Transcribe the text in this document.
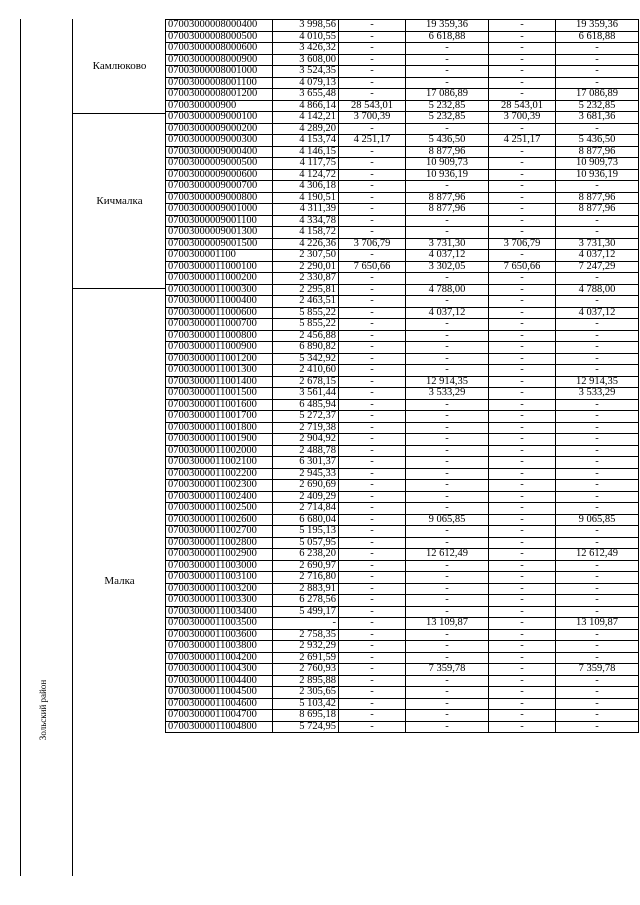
Зольский район
Камлюково
Кичмалка
Малка
07003000008000400	3 998,56	-	19 359,36	-	19 359,36
07003000008000500	4 010,55	-	6 618,88	-	6 618,88
07003000008000600	3 426,32	-	-	-	-
07003000008000900	3 608,00	-	-	-	-
07003000008001000	3 524,35	-	-	-	-
07003000008001100	4 079,13	-	-	-	-
07003000008001200	3 655,48	-	17 086,89	-	17 086,89
0700300000900	4 866,14	28 543,01	5 232,85	28 543,01	5 232,85
07003000009000100	4 142,21	3 700,39	5 232,85	3 700,39	3 681,36
07003000009000200	4 289,20	-	-	-	-
07003000009000300	4 153,74	4 251,17	5 436,50	4 251,17	5 436,50
07003000009000400	4 146,15	-	8 877,96	-	8 877,96
07003000009000500	4 117,75	-	10 909,73	-	10 909,73
07003000009000600	4 124,72	-	10 936,19	-	10 936,19
07003000009000700	4 306,18	-	-	-	-
07003000009000800	4 190,51	-	8 877,96	-	8 877,96
07003000009001000	4 311,39	-	8 877,96	-	8 877,96
07003000009001100	4 334,78	-	-	-	-
07003000009001300	4 158,72	-	-	-	-
07003000009001500	4 226,36	3 706,79	3 731,30	3 706,79	3 731,30
0700300001100	2 307,50	-	4 037,12	-	4 037,12
07003000011000100	2 290,01	7 650,66	3 302,05	7 650,66	7 247,29
07003000011000200	2 330,87	-	-	-	-
07003000011000300	2 295,81	-	4 788,00	-	4 788,00
07003000011000400	2 463,51	-	-	-	-
07003000011000600	5 855,22	-	4 037,12	-	4 037,12
07003000011000700	5 855,22	-	-	-	-
07003000011000800	2 456,88	-	-	-	-
07003000011000900	6 890,82	-	-	-	-
07003000011001200	5 342,92	-	-	-	-
07003000011001300	2 410,60	-	-	-	-
07003000011001400	2 678,15	-	12 914,35	-	12 914,35
07003000011001500	3 561,44	-	3 533,29	-	3 533,29
07003000011001600	6 485,94	-	-	-	-
07003000011001700	5 272,37	-	-	-	-
07003000011001800	2 719,38	-	-	-	-
07003000011001900	2 904,92	-	-	-	-
07003000011002000	2 488,78	-	-	-	-
07003000011002100	6 301,37	-	-	-	-
07003000011002200	2 945,33	-	-	-	-
07003000011002300	2 690,69	-	-	-	-
07003000011002400	2 409,29	-	-	-	-
07003000011002500	2 714,84	-	-	-	-
07003000011002600	6 680,04	-	9 065,85	-	9 065,85
07003000011002700	5 195,13	-	-	-	-
07003000011002800	5 057,95	-	-	-	-
07003000011002900	6 238,20	-	12 612,49	-	12 612,49
07003000011003000	2 690,97	-	-	-	-
07003000011003100	2 716,80	-	-	-	-
07003000011003200	2 883,91	-	-	-	-
07003000011003300	6 278,56	-	-	-	-
07003000011003400	5 499,17	-	-	-	-
07003000011003500	-	-	13 109,87	-	13 109,87
07003000011003600	2 758,35	-	-	-	-
07003000011003800	2 932,29	-	-	-	-
07003000011004200	2 691,59	-	-	-	-
07003000011004300	2 760,93	-	7 359,78	-	7 359,78
07003000011004400	2 895,88	-	-	-	-
07003000011004500	2 305,65	-	-	-	-
07003000011004600	5 103,42	-	-	-	-
07003000011004700	8 695,18	-	-	-	-
07003000011004800	5 724,95	-	-	-	-
